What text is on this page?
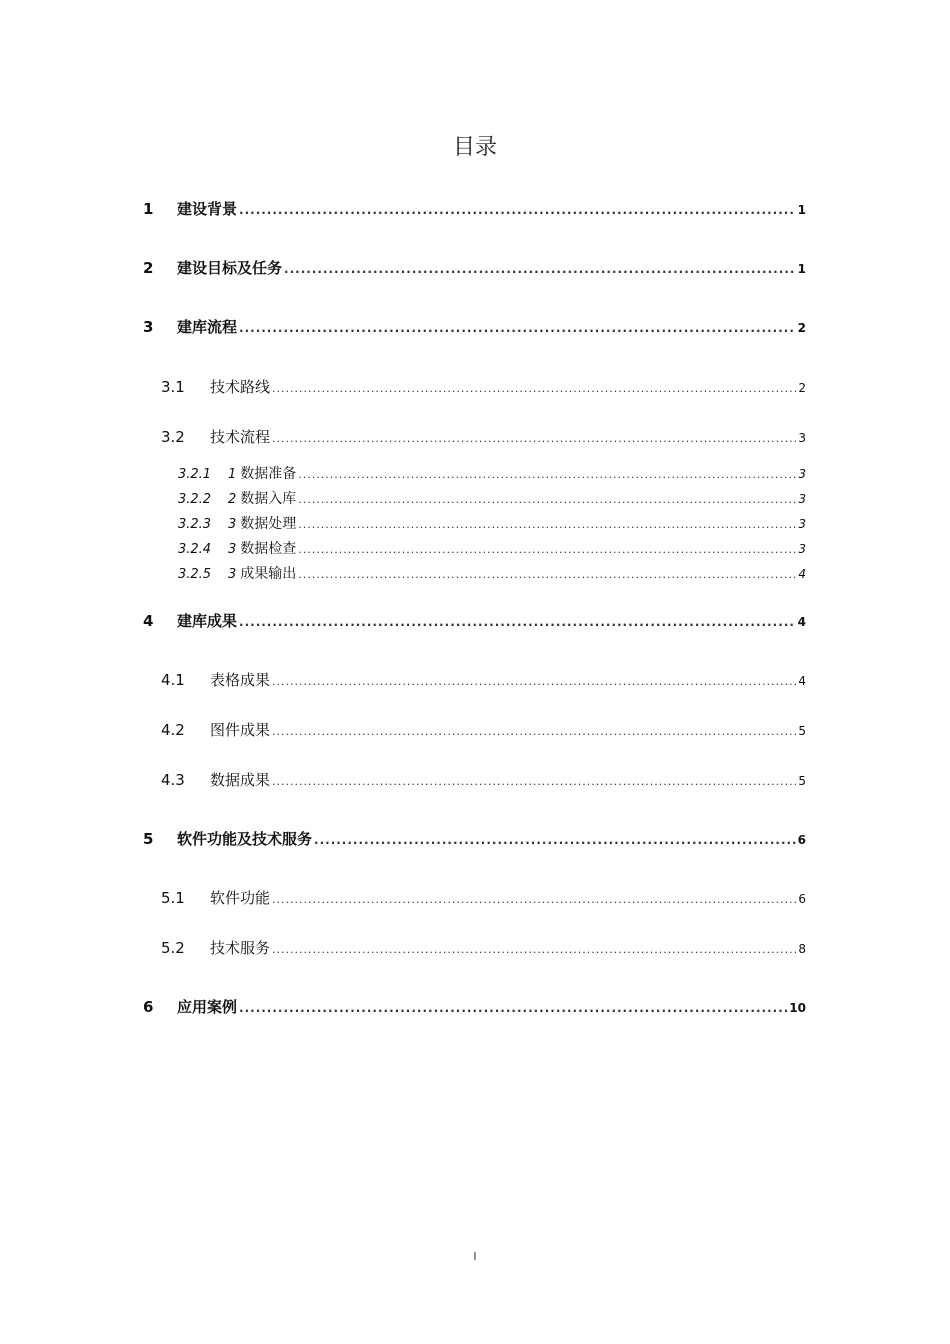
目录
1	建设背景 .....	1
2	建设目标及任务 .....	1
3	建库流程 .....	2
3.1	技术路线 .....	2
3.2	技术流程 .....	3
3.2.1	1 数据准备 .....	3
3.2.2	2 数据入库 .....	3
3.2.3	3 数据处理 .....	3
3.2.4	3 数据检查 .....	3
3.2.5	3 成果输出 .....	4
4	建库成果 .....	4
4.1	表格成果 .....	4
4.2	图件成果 .....	5
4.3	数据成果 .....	5
5	软件功能及技术服务 .....	6
5.1	软件功能 .....	6
5.2	技术服务 .....	8
6	应用案例 .....	10
I
